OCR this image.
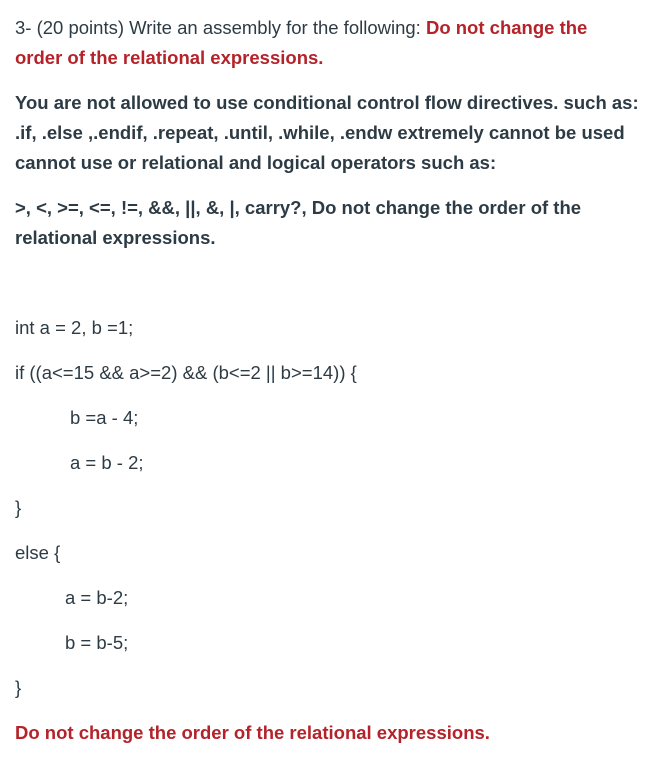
3- (20 points) Write an assembly for the following: Do not change the
order of the relational expressions.
You are not allowed to use conditional control flow directives. such as:
.if, .else ,.endif, .repeat, .until, .while, .endw extremely cannot be used
cannot use or relational and logical operators such as:
>, <, >=, <=, !=, &&, ||, &, |, carry?, Do not change the order of the
relational expressions.
int a = 2, b =1;
if ((a<=15 && a>=2) && (b<=2 || b>=14)) {
b =a - 4;
a = b - 2;
}
else {
a = b-2;
b = b-5;
}
Do not change the order of the relational expressions.
